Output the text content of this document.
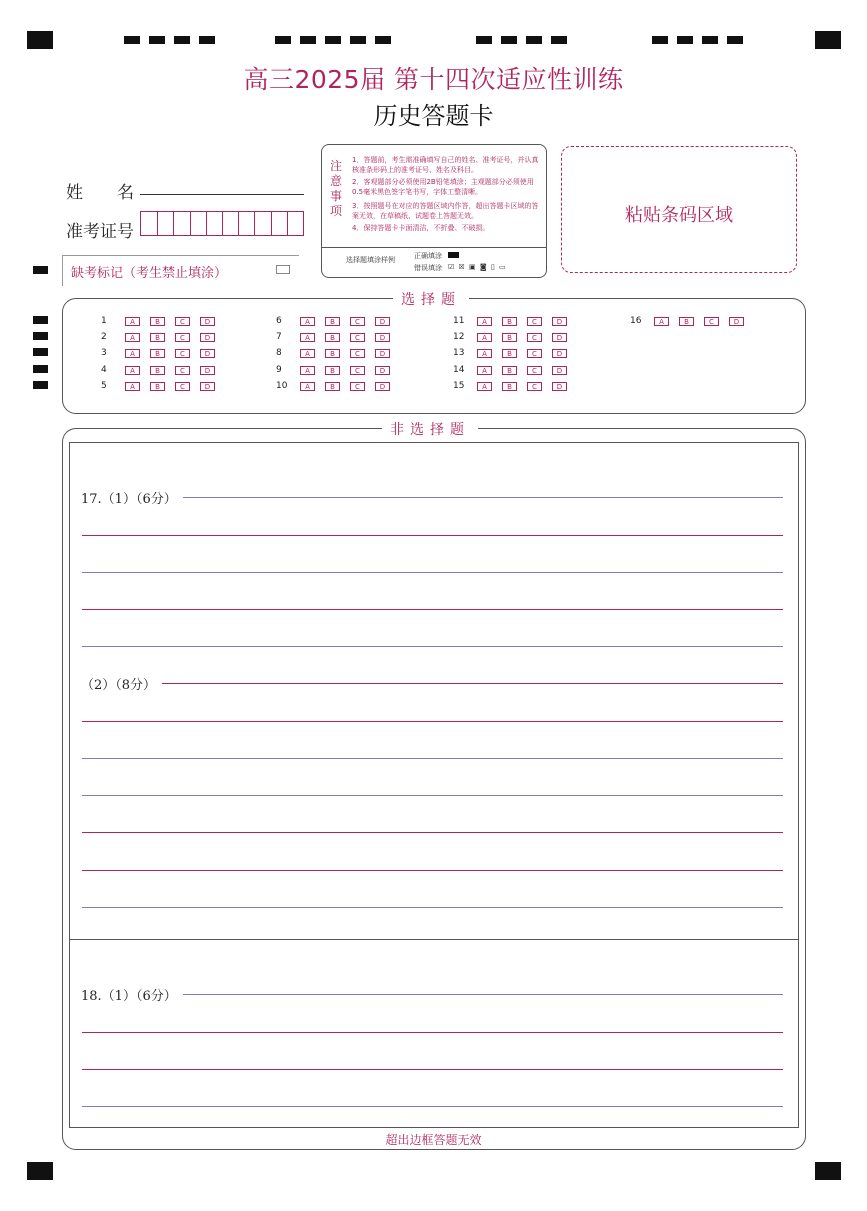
高三2025届 第十四次适应性训练
历史答题卡
姓　　名
准考证号
缺考标记（考生禁止填涂）
注意事项
1．答题前，考生需准确填写自己的姓名、准考证号，并认真核准条形码上的准考证号、姓名及科目。
2．客观题部分必须使用2B铅笔填涂；主观题部分必须使用0.5毫米黑色签字笔书写，字体工整清晰。
3．按照题号在对应的答题区域内作答，超出答题卡区域的答案无效，在草稿纸、试题卷上答题无效。
4．保持答题卡卡面清洁，不折叠、不破损。
选择题填涂样例	正确填涂
错误填涂 ☑ ☒ ▣ ◙ ▯ ▭
粘贴条码区域
选择题
1	A	B	C	D
2	A	B	C	D
3	A	B	C	D
4	A	B	C	D
5	A	B	C	D
6	A	B	C	D
7	A	B	C	D
8	A	B	C	D
9	A	B	C	D
10	A	B	C	D
11	A	B	C	D
12	A	B	C	D
13	A	B	C	D
14	A	B	C	D
15	A	B	C	D
16	A	B	C	D
非选择题
17.（1）（6分）
（2）（8分）
18.（1）（6分）
超出边框答题无效
